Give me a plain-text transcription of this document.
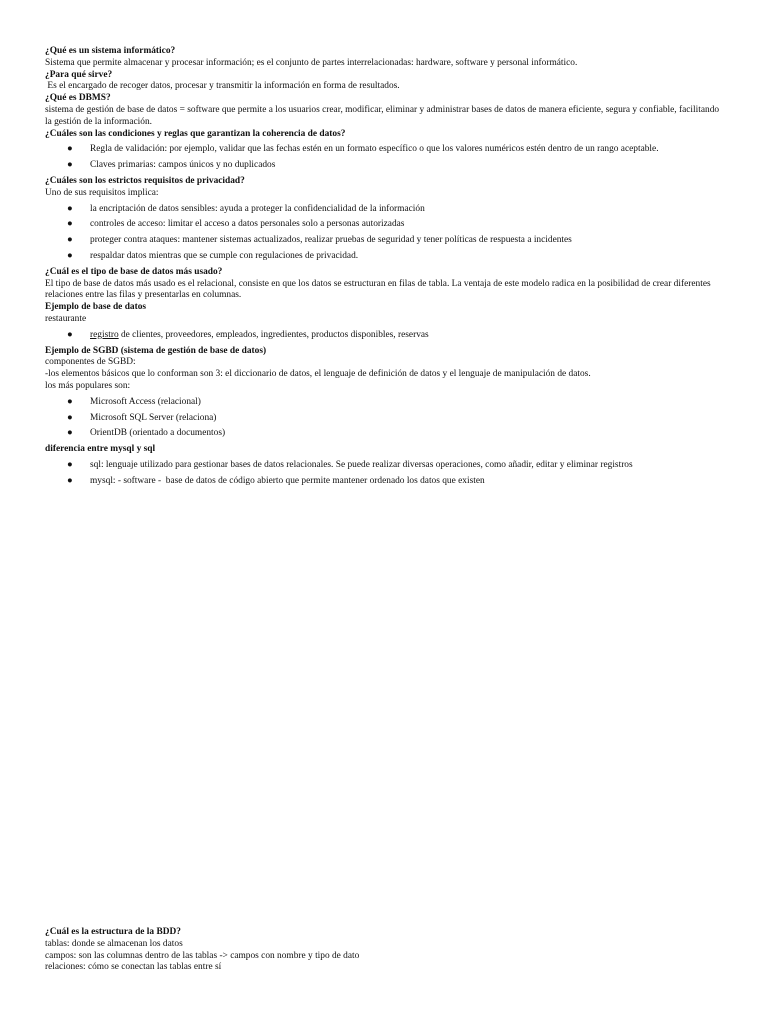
¿Qué es un sistema informático?
Sistema que permite almacenar y procesar información; es el conjunto de partes interrelacionadas: hardware, software y personal informático.
¿Para qué sirve?
Es el encargado de recoger datos, procesar y transmitir la información en forma de resultados.
¿Qué es DBMS?
sistema de gestión de base de datos = software que permite a los usuarios crear, modificar, eliminar y administrar bases de datos de manera eficiente, segura y confiable, facilitando la gestión de la información.
¿Cuáles son las condiciones y reglas que garantizan la coherencia de datos?
● Regla de validación: por ejemplo, validar que las fechas estén en un formato específico o que los valores numéricos estén dentro de un rango aceptable.
● Claves primarias: campos únicos y no duplicados
¿Cuáles son los estrictos requisitos de privacidad?
Uno de sus requisitos implica:
● la encriptación de datos sensibles: ayuda a proteger la confidencialidad de la información
● controles de acceso: limitar el acceso a datos personales solo a personas autorizadas
● proteger contra ataques: mantener sistemas actualizados, realizar pruebas de seguridad y tener políticas de respuesta a incidentes
● respaldar datos mientras que se cumple con regulaciones de privacidad.
¿Cuál es el tipo de base de datos más usado?
El tipo de base de datos más usado es el relacional, consiste en que los datos se estructuran en filas de tabla. La ventaja de este modelo radica en la posibilidad de crear diferentes relaciones entre las filas y presentarlas en columnas.
Ejemplo de base de datos
restaurante
● registro de clientes, proveedores, empleados, ingredientes, productos disponibles, reservas
Ejemplo de SGBD (sistema de gestión de base de datos)
componentes de SGBD:
-los elementos básicos que lo conforman son 3: el diccionario de datos, el lenguaje de definición de datos y el lenguaje de manipulación de datos.
los más populares son:
● Microsoft Access (relacional)
● Microsoft SQL Server (relaciona)
● OrientDB (orientado a documentos)
diferencia entre mysql y sql
● sql: lenguaje utilizado para gestionar bases de datos relacionales. Se puede realizar diversas operaciones, como añadir, editar y eliminar registros
● mysql: - software -  base de datos de código abierto que permite mantener ordenado los datos que existen
¿Cuál es la estructura de la BDD?
tablas: donde se almacenan los datos
campos: son las columnas dentro de las tablas -> campos con nombre y tipo de dato
relaciones: cómo se conectan las tablas entre sí
